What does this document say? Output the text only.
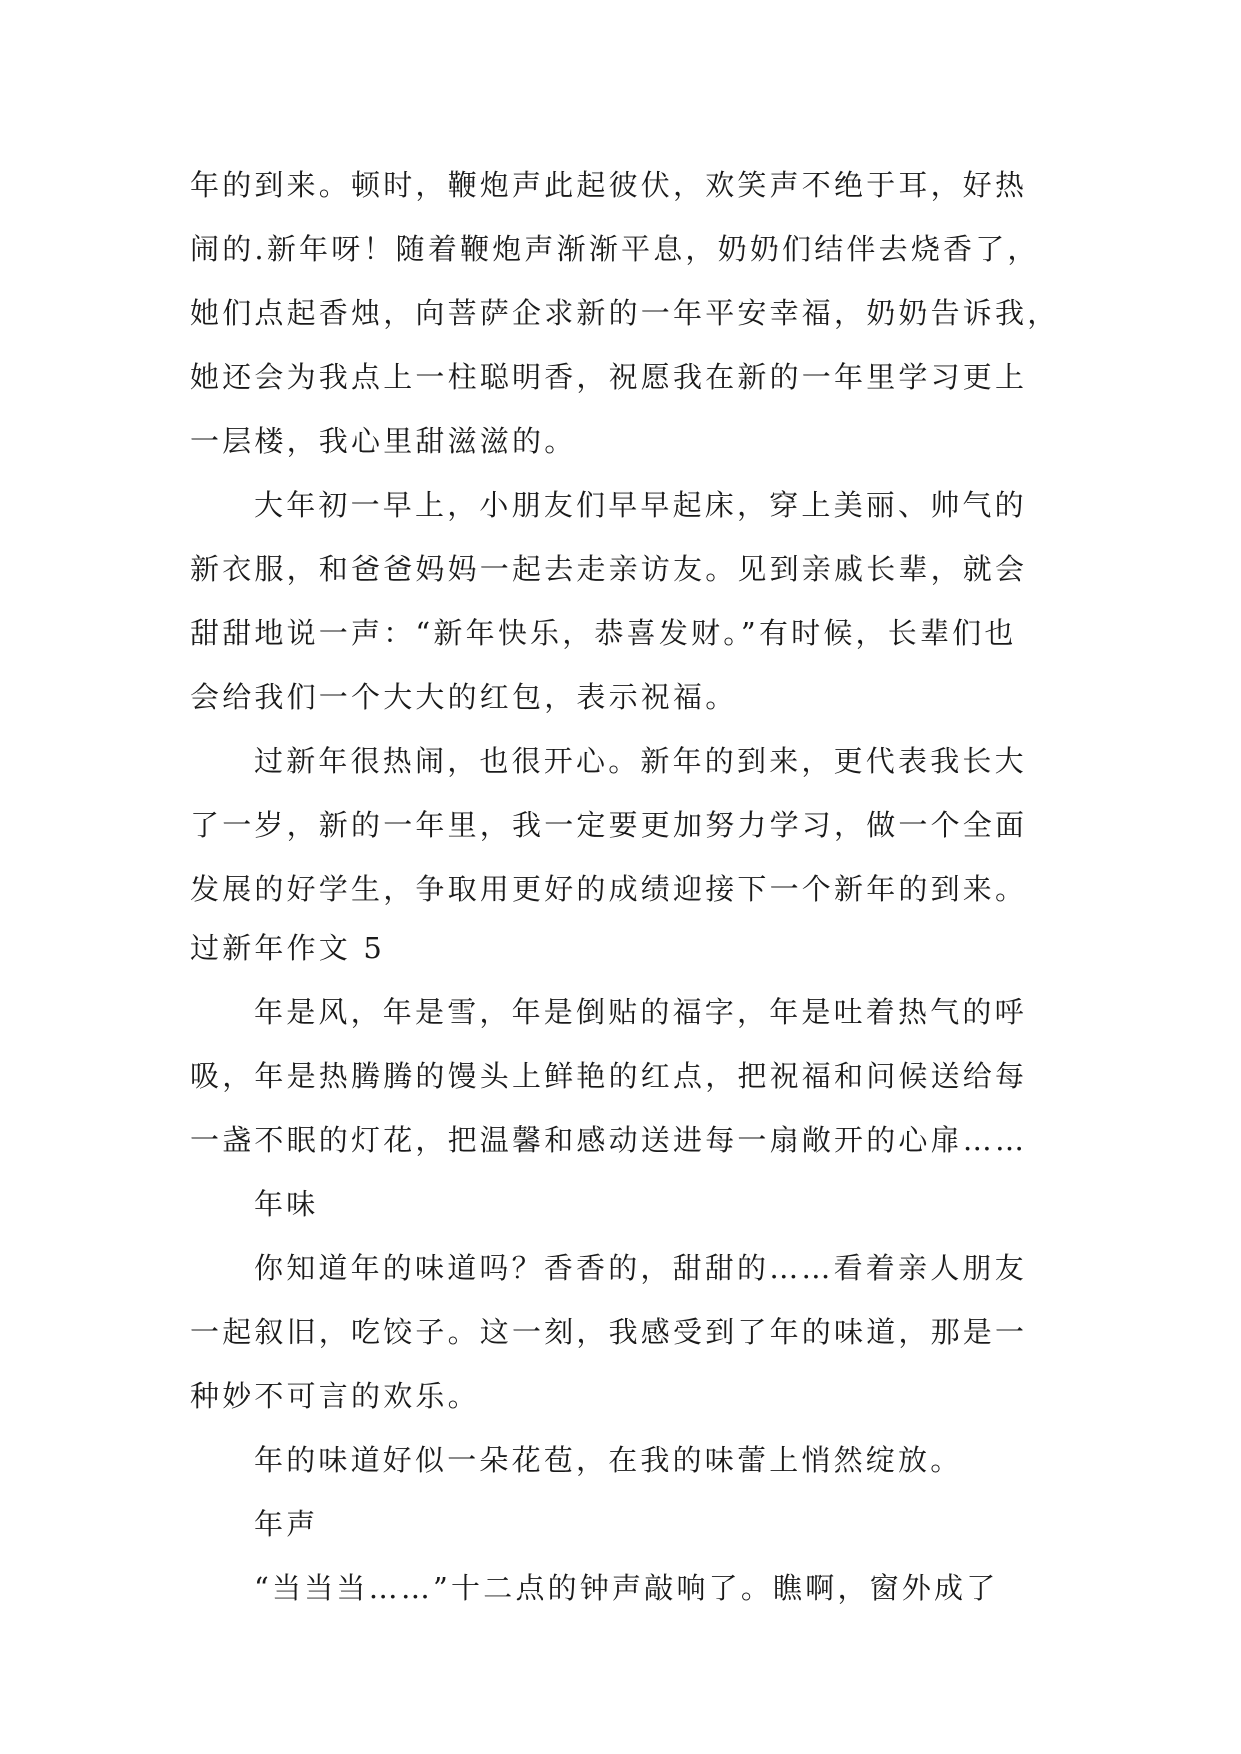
年的到来。顿时，鞭炮声此起彼伏，欢笑声不绝于耳，好热
闹的.新年呀！随着鞭炮声渐渐平息，奶奶们结伴去烧香了，
她们点起香烛，向菩萨企求新的一年平安幸福，奶奶告诉我，
她还会为我点上一柱聪明香，祝愿我在新的一年里学习更上
一层楼，我心里甜滋滋的。
大年初一早上，小朋友们早早起床，穿上美丽、帅气的
新衣服，和爸爸妈妈一起去走亲访友。见到亲戚长辈，就会
甜甜地说一声：“新年快乐，恭喜发财。”有时候，长辈们也
会给我们一个大大的红包，表示祝福。
过新年很热闹，也很开心。新年的到来，更代表我长大
了一岁，新的一年里，我一定要更加努力学习，做一个全面
发展的好学生，争取用更好的成绩迎接下一个新年的到来。
过新年作文 5
年是风，年是雪，年是倒贴的福字，年是吐着热气的呼
吸，年是热腾腾的馒头上鲜艳的红点，把祝福和问候送给每
一盏不眠的灯花，把温馨和感动送进每一扇敞开的心扉……
年味
你知道年的味道吗？香香的，甜甜的……看着亲人朋友
一起叙旧，吃饺子。这一刻，我感受到了年的味道，那是一
种妙不可言的欢乐。
年的味道好似一朵花苞，在我的味蕾上悄然绽放。
年声
“当当当……”十二点的钟声敲响了。瞧啊，窗外成了
